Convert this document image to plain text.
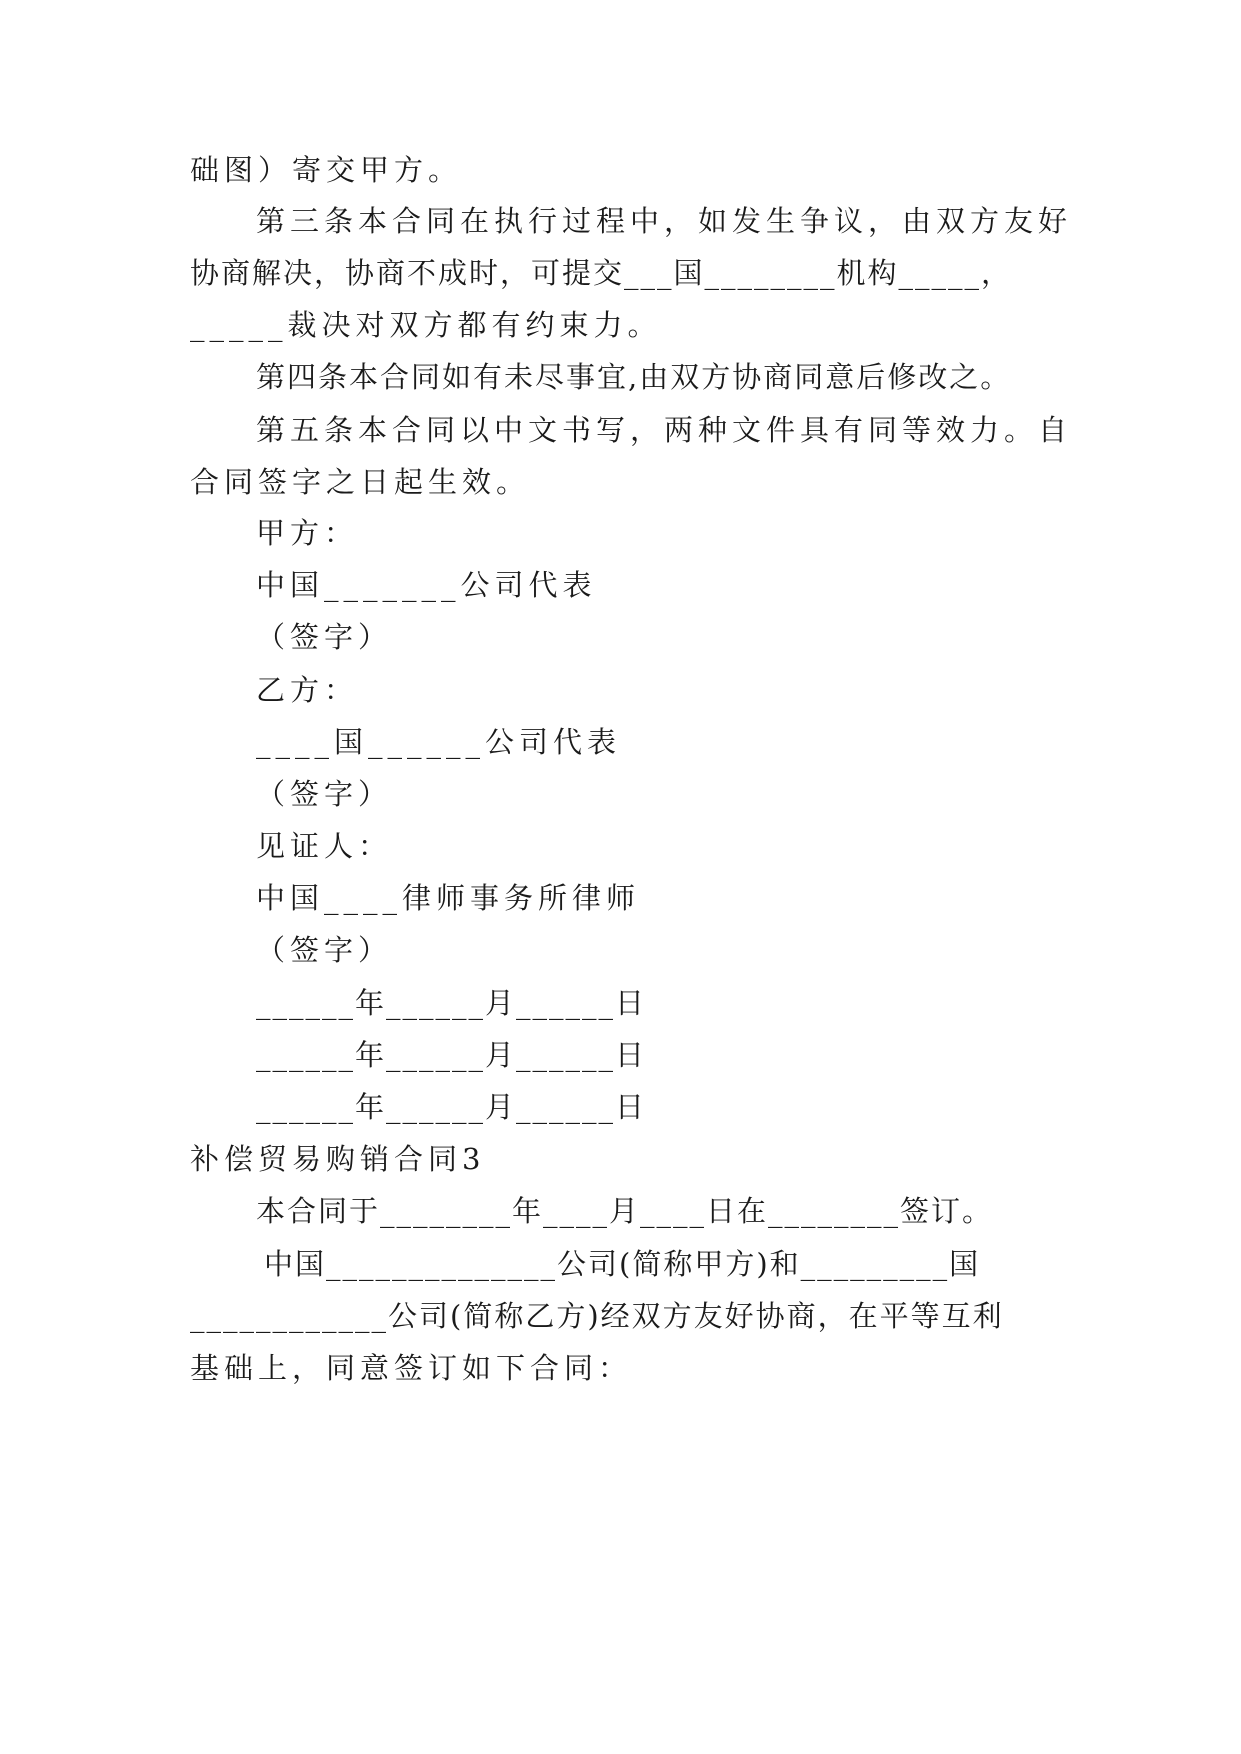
础图）寄交甲方。
第三条本合同在执行过程中，如发生争议，由双方友好
协商解决，协商不成时，可提交___国________机构_____，
_____裁决对双方都有约束力。
第四条本合同如有未尽事宜,由双方协商同意后修改之。
第五条本合同以中文书写，两种文件具有同等效力。自
合同签字之日起生效。
甲方：
中国_______公司代表
（签字）
乙方：
____国______公司代表
（签字）
见证人：
中国____律师事务所律师
（签字）
______年______月______日
______年______月______日
______年______月______日
补偿贸易购销合同3
本合同于________年____月____日在________签订。
中国______________公司(简称甲方)和_________国
____________公司(简称乙方)经双方友好协商，在平等互利
基础上，同意签订如下合同：
